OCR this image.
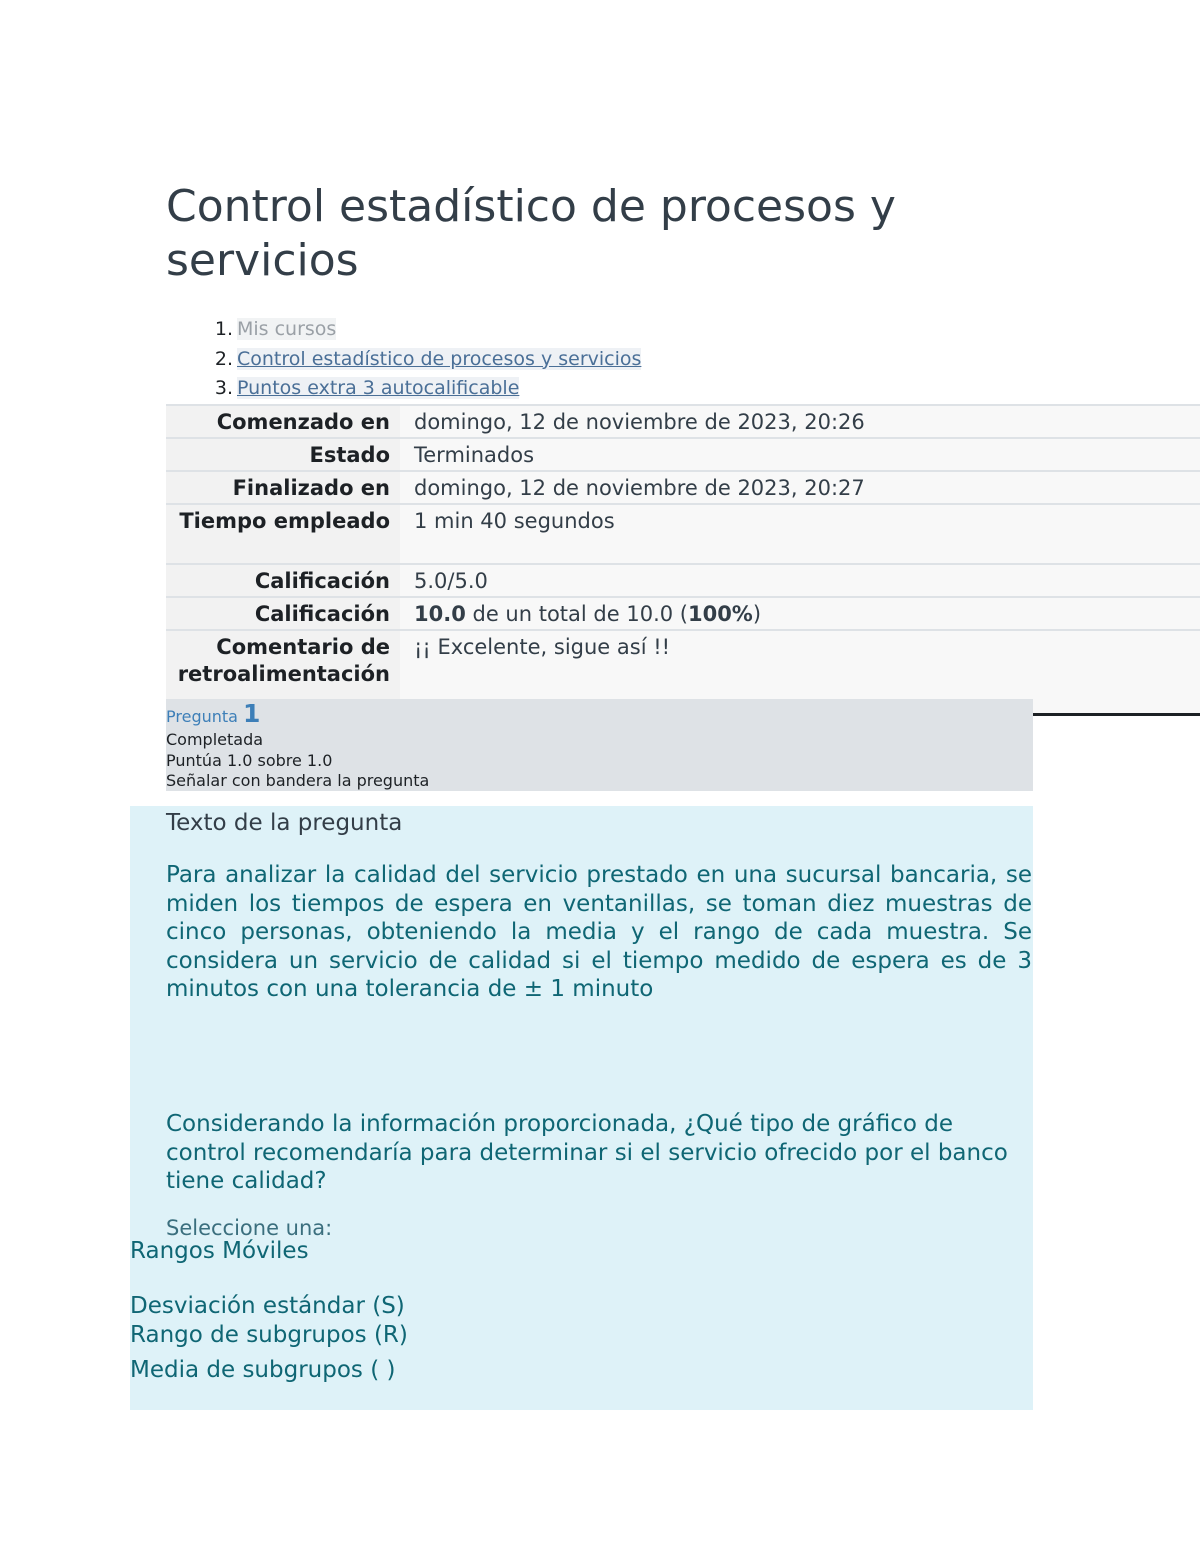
Control estadístico de procesos y servicios
1. Mis cursos
2. Control estadístico de procesos y servicios
3. Puntos extra 3 autocalificable
Comenzado en	domingo, 12 de noviembre de 2023, 20:26
Estado	Terminados
Finalizado en	domingo, 12 de noviembre de 2023, 20:27
Tiempo empleado	1 min 40 segundos
Calificación	5.0/5.0
Calificación	10.0 de un total de 10.0 (100%)
Comentario de retroalimentación	¡¡ Excelente, sigue así !!
Pregunta 1
Completada
Puntúa 1.0 sobre 1.0
Señalar con bandera la pregunta
Texto de la pregunta

Para analizar la calidad del servicio prestado en una sucursal bancaria, se miden los tiempos de espera en ventanillas, se toman diez muestras de cinco personas, obteniendo la media y el rango de cada muestra. Se considera un servicio de calidad si el tiempo medido de espera es de 3 minutos con una tolerancia de ± 1 minuto

Considerando la información proporcionada, ¿Qué tipo de gráfico de control recomendaría para determinar si el servicio ofrecido por el banco tiene calidad?

Seleccione una:
Rangos Móviles
Desviación estándar (S)
Rango de subgrupos (R)
Media de subgrupos ( )
